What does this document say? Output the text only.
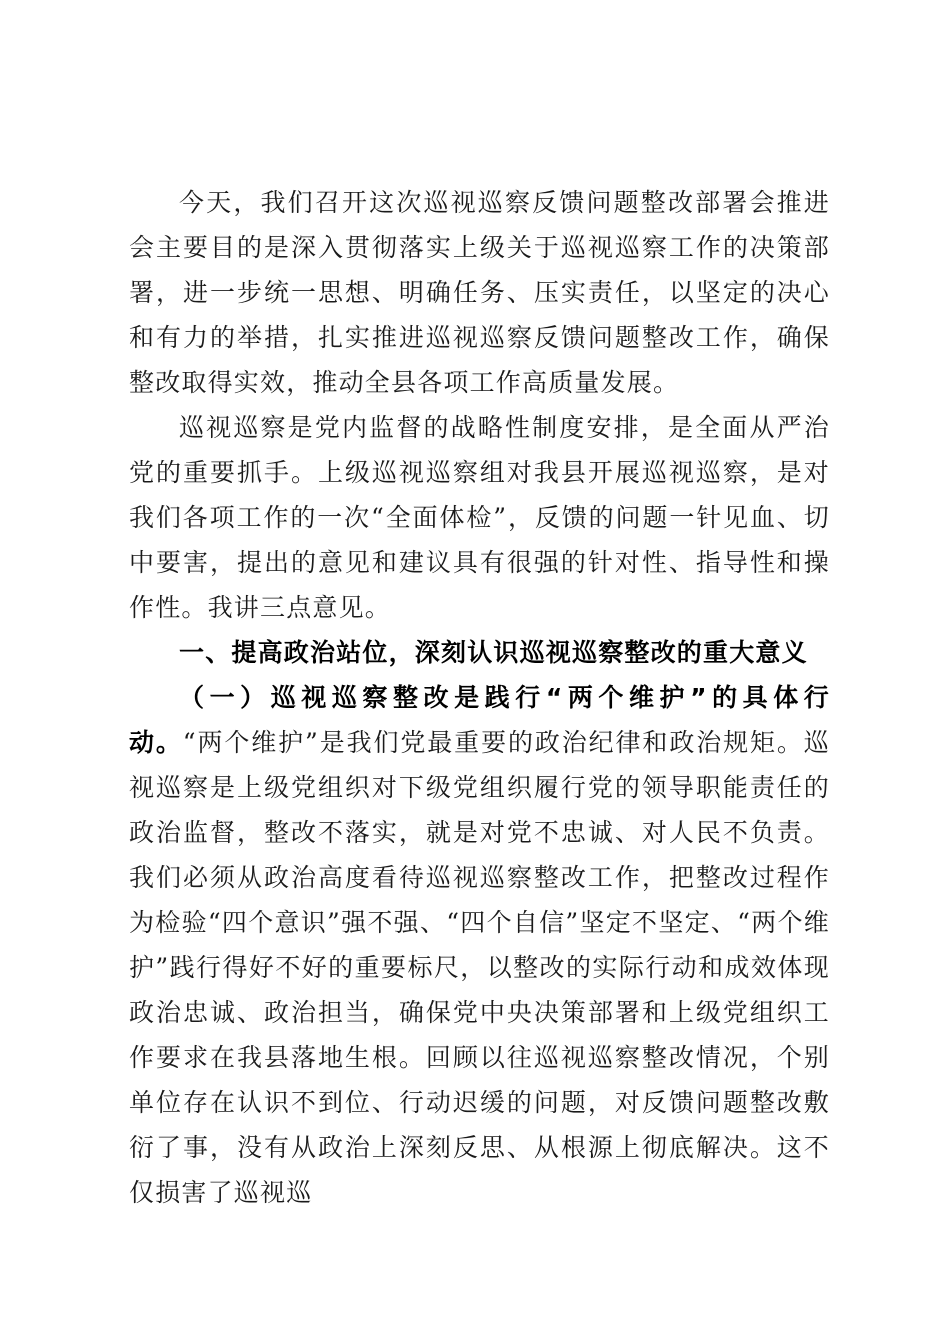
今天，我们召开这次巡视巡察反馈问题整改部署会推进会主要目的是深入贯彻落实上级关于巡视巡察工作的决策部署，进一步统一思想、明确任务、压实责任，以坚定的决心和有力的举措，扎实推进巡视巡察反馈问题整改工作，确保整改取得实效，推动全县各项工作高质量发展。

巡视巡察是党内监督的战略性制度安排，是全面从严治党的重要抓手。上级巡视巡察组对我县开展巡视巡察，是对我们各项工作的一次“全面体检”，反馈的问题一针见血、切中要害，提出的意见和建议具有很强的针对性、指导性和操作性。我讲三点意见。

一、提高政治站位，深刻认识巡视巡察整改的重大意义

（一）巡视巡察整改是践行“两个维护”的具体行动。“两个维护”是我们党最重要的政治纪律和政治规矩。巡视巡察是上级党组织对下级党组织履行党的领导职能责任的政治监督，整改不落实，就是对党不忠诚、对人民不负责。我们必须从政治高度看待巡视巡察整改工作，把整改过程作为检验“四个意识”强不强、“四个自信”坚定不坚定、“两个维护”践行得好不好的重要标尺，以整改的实际行动和成效体现政治忠诚、政治担当，确保党中央决策部署和上级党组织工作要求在我县落地生根。回顾以往巡视巡察整改情况，个别单位存在认识不到位、行动迟缓的问题，对反馈问题整改敷衍了事，没有从政治上深刻反思、从根源上彻底解决。这不仅损害了巡视巡
